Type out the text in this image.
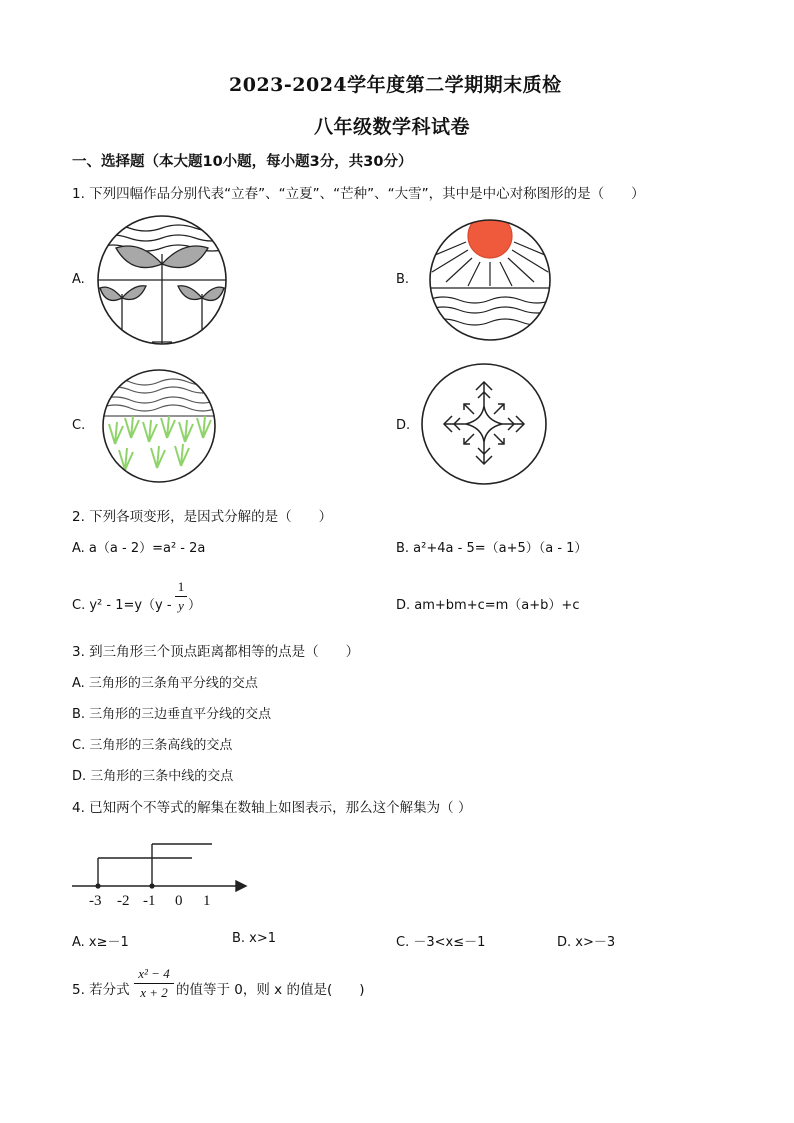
2023-2024学年度第二学期期末质检
八年级数学科试卷
一、选择题（本大题10小题，每小题3分，共30分）
1. 下列四幅作品分别代表“立春”、“立夏”、“芒种”、“大雪”，其中是中心对称图形的是（　　）
A.	B.
C.	D.
2. 下列各项变形，是因式分解的是（　　）
A. a（a - 2）=a² - 2a	B. a²+4a - 5=（a+5）（a - 1）
C. y² - 1=y（y -
1
y ）	D. am+bm+c=m（a+b）+c
3. 到三角形三个顶点距离都相等的点是（　　）
A. 三角形的三条角平分线的交点
B. 三角形的三边垂直平分线的交点
C. 三角形的三条高线的交点
D. 三角形的三条中线的交点
4. 已知两个不等式的解集在数轴上如图表示，那么这个解集为（ ）
-3 -2 -1 0 1
A. x≥－1	B. x>1	C. －3<x≤－1	D. x>－3
5. 若分式
x² − 4
x + 2 的值等于 0，则 x 的值是(　　)
